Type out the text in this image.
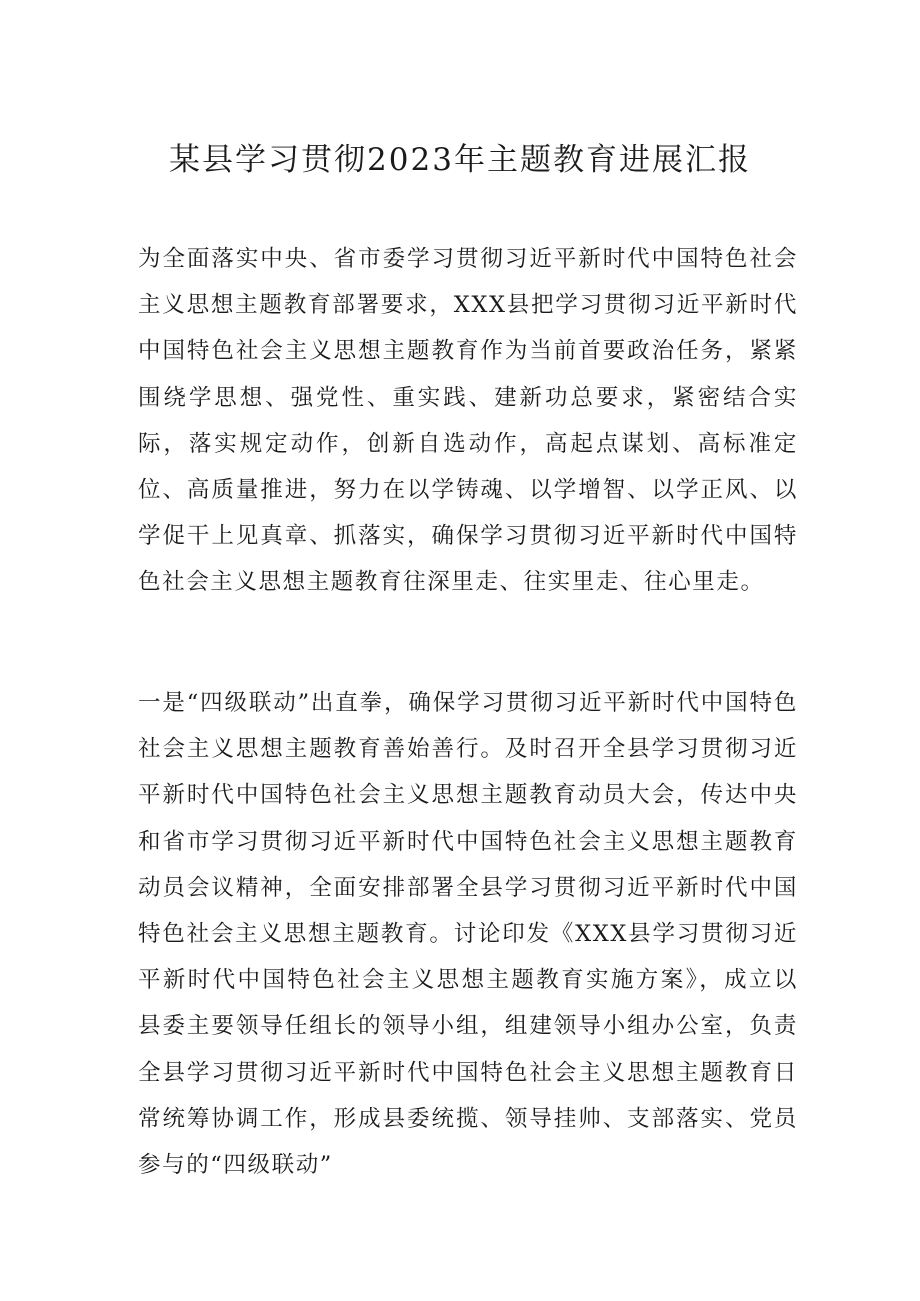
某县学习贯彻2023年主题教育进展汇报

为全面落实中央、省市委学习贯彻习近平新时代中国特色社会主义思想主题教育部署要求，XXX县把学习贯彻习近平新时代中国特色社会主义思想主题教育作为当前首要政治任务，紧紧围绕学思想、强党性、重实践、建新功总要求，紧密结合实际，落实规定动作，创新自选动作，高起点谋划、高标准定位、高质量推进，努力在以学铸魂、以学增智、以学正风、以学促干上见真章、抓落实，确保学习贯彻习近平新时代中国特色社会主义思想主题教育往深里走、往实里走、往心里走。

一是“四级联动”出直拳，确保学习贯彻习近平新时代中国特色社会主义思想主题教育善始善行。及时召开全县学习贯彻习近平新时代中国特色社会主义思想主题教育动员大会，传达中央和省市学习贯彻习近平新时代中国特色社会主义思想主题教育动员会议精神，全面安排部署全县学习贯彻习近平新时代中国特色社会主义思想主题教育。讨论印发《XXX县学习贯彻习近平新时代中国特色社会主义思想主题教育实施方案》，成立以县委主要领导任组长的领导小组，组建领导小组办公室，负责全县学习贯彻习近平新时代中国特色社会主义思想主题教育日常统筹协调工作，形成县委统揽、领导挂帅、支部落实、党员参与的“四级联动”
